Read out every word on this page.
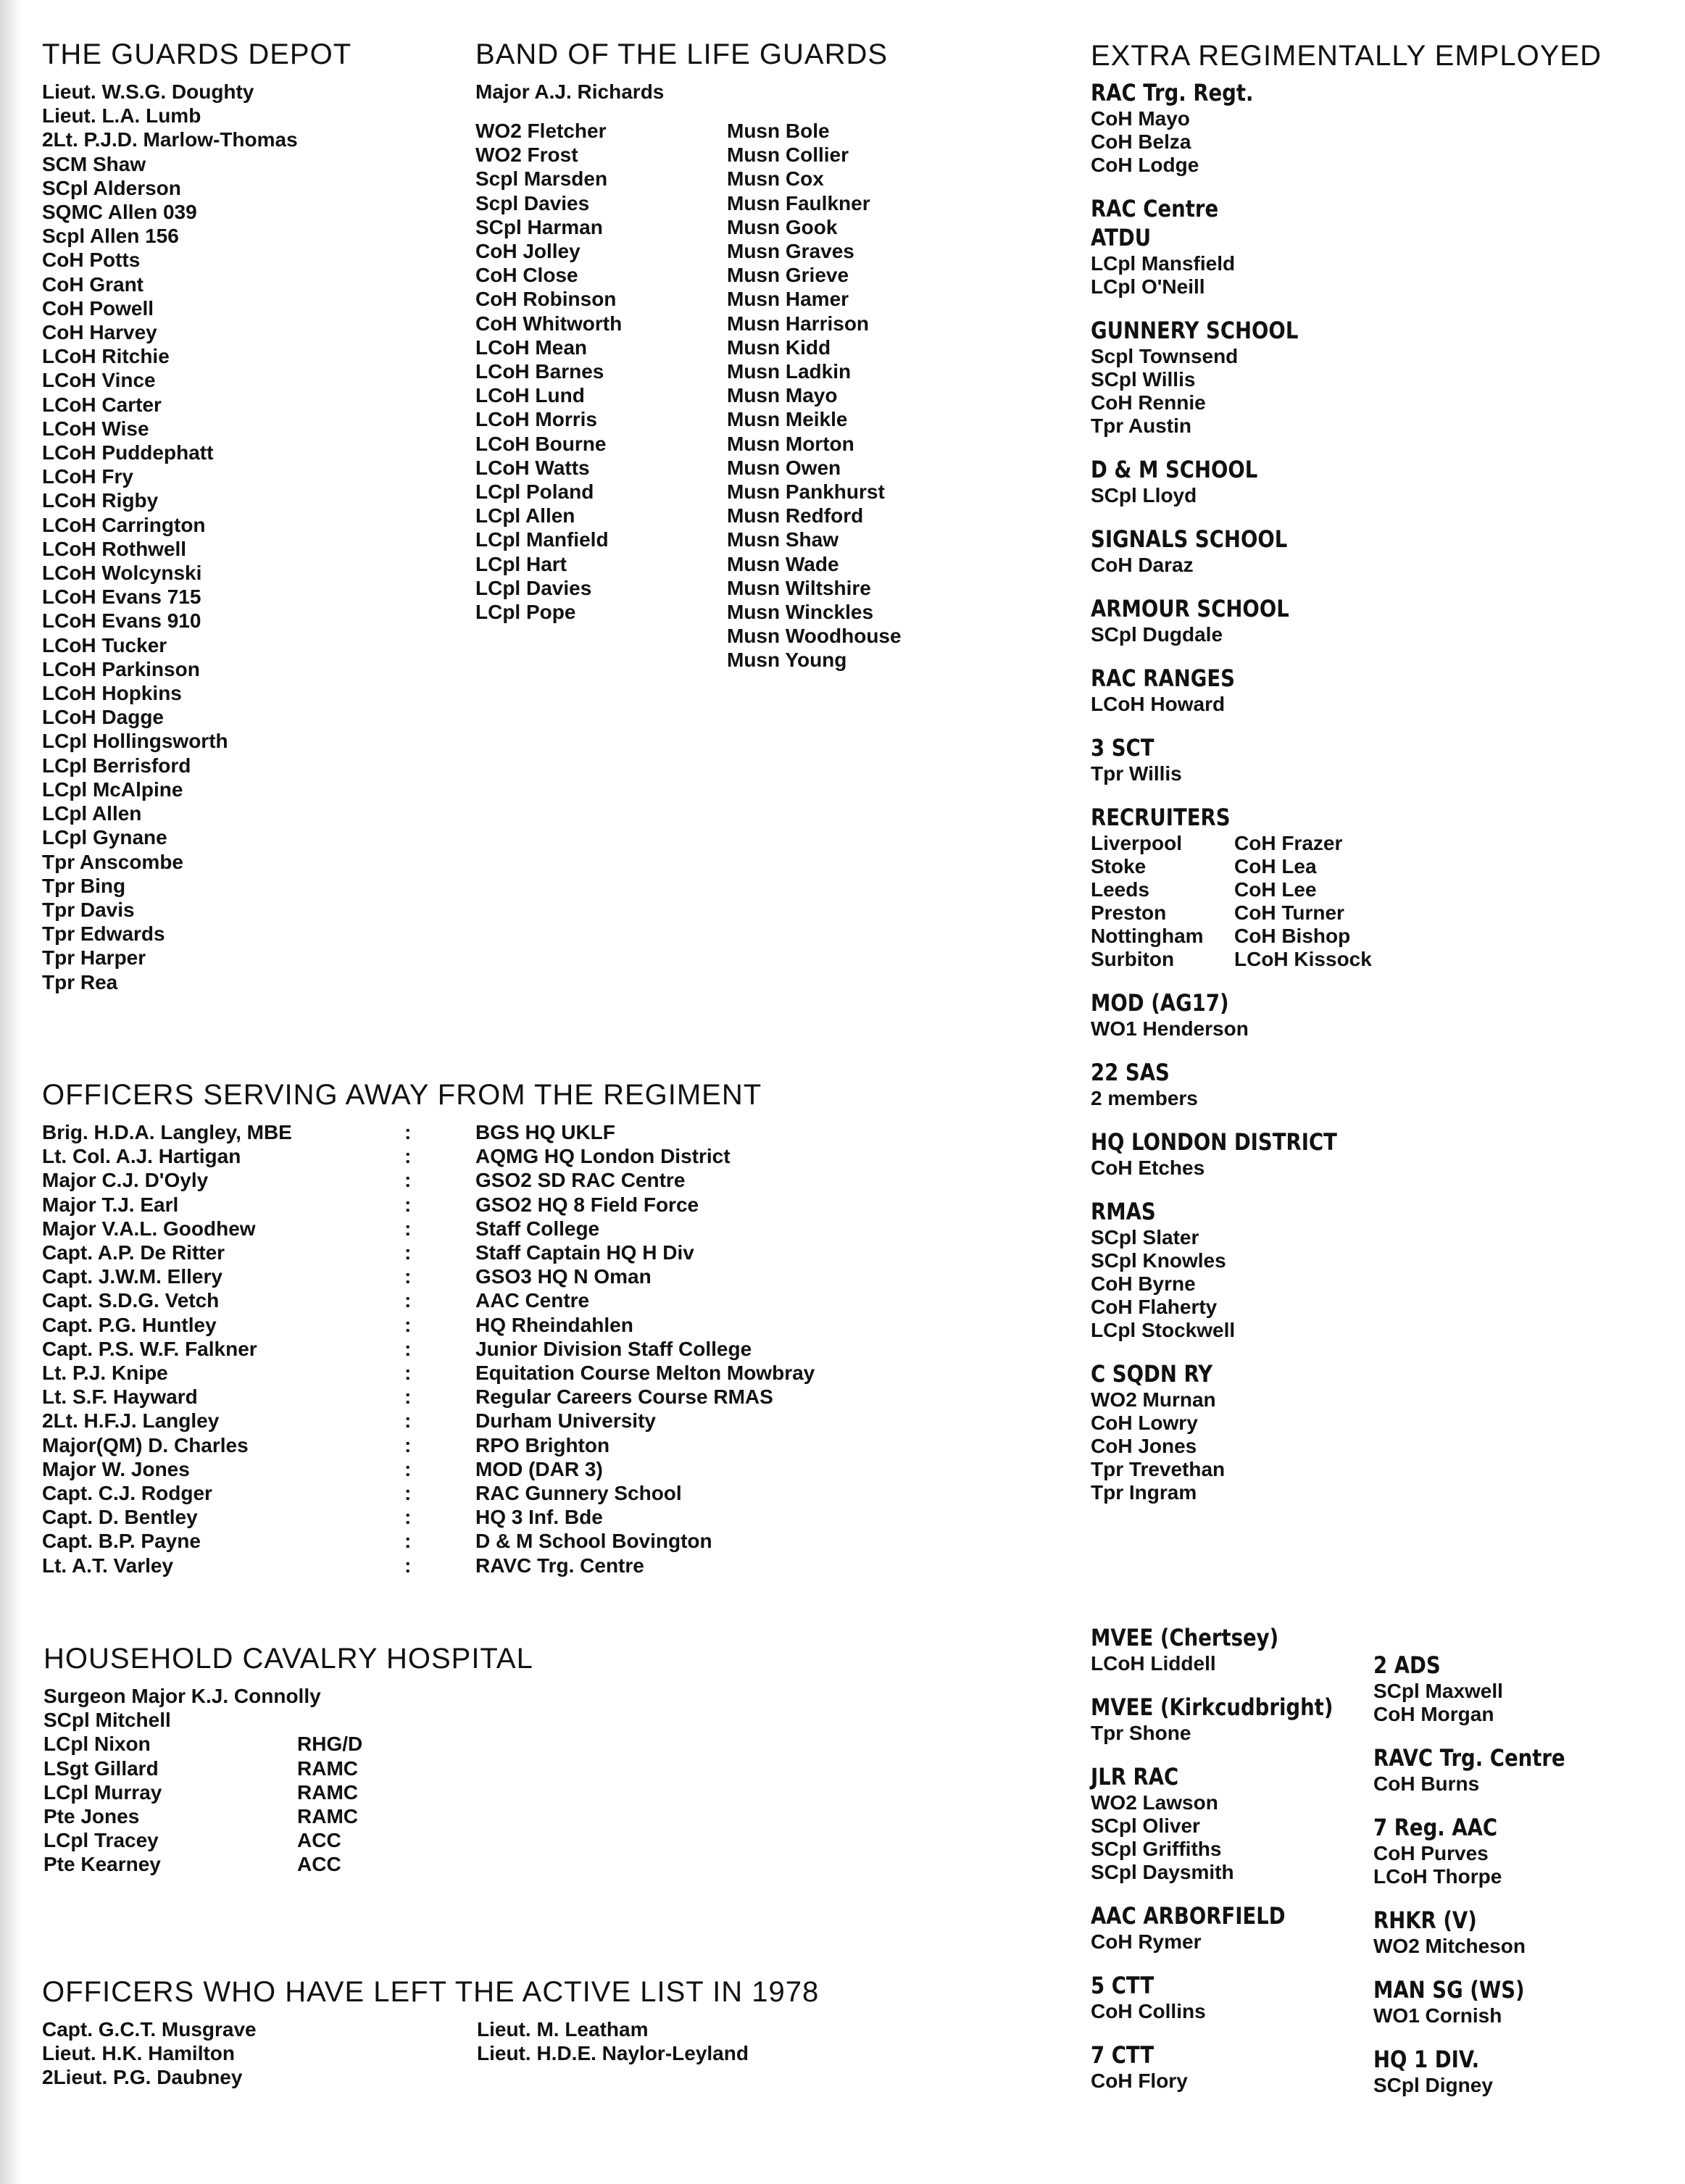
THE GUARDS DEPOT
Lieut. W.S.G. Doughty
Lieut. L.A. Lumb
2Lt. P.J.D. Marlow-Thomas
SCM Shaw
SCpl Alderson
SQMC Allen 039
Scpl Allen 156
CoH Potts
CoH Grant
CoH Powell
CoH Harvey
LCoH Ritchie
LCoH Vince
LCoH Carter
LCoH Wise
LCoH Puddephatt
LCoH Fry
LCoH Rigby
LCoH Carrington
LCoH Rothwell
LCoH Wolcynski
LCoH Evans 715
LCoH Evans 910
LCoH Tucker
LCoH Parkinson
LCoH Hopkins
LCoH Dagge
LCpl Hollingsworth
LCpl Berrisford
LCpl McAlpine
LCpl Allen
LCpl Gynane
Tpr Anscombe
Tpr Bing
Tpr Davis
Tpr Edwards
Tpr Harper
Tpr Rea
BAND OF THE LIFE GUARDS
Major A.J. Richards
WO2 Fletcher
WO2 Frost
Scpl Marsden
Scpl Davies
SCpl Harman
CoH Jolley
CoH Close
CoH Robinson
CoH Whitworth
LCoH Mean
LCoH Barnes
LCoH Lund
LCoH Morris
LCoH Bourne
LCoH Watts
LCpl Poland
LCpl Allen
LCpl Manfield
LCpl Hart
LCpl Davies
LCpl Pope
Musn Bole
Musn Collier
Musn Cox
Musn Faulkner
Musn Gook
Musn Graves
Musn Grieve
Musn Hamer
Musn Harrison
Musn Kidd
Musn Ladkin
Musn Mayo
Musn Meikle
Musn Morton
Musn Owen
Musn Pankhurst
Musn Redford
Musn Shaw
Musn Wade
Musn Wiltshire
Musn Winckles
Musn Woodhouse
Musn Young
OFFICERS SERVING AWAY FROM THE REGIMENT
Brig. H.D.A. Langley, MBE	:	BGS HQ UKLF
Lt. Col. A.J. Hartigan	:	AQMG HQ London District
Major C.J. D'Oyly	:	GSO2 SD RAC Centre
Major T.J. Earl	:	GSO2 HQ 8 Field Force
Major V.A.L. Goodhew	:	Staff College
Capt. A.P. De Ritter	:	Staff Captain HQ H Div
Capt. J.W.M. Ellery	:	GSO3 HQ N Oman
Capt. S.D.G. Vetch	:	AAC Centre
Capt. P.G. Huntley	:	HQ Rheindahlen
Capt. P.S. W.F. Falkner	:	Junior Division Staff College
Lt. P.J. Knipe	:	Equitation Course Melton Mowbray
Lt. S.F. Hayward	:	Regular Careers Course RMAS
2Lt. H.F.J. Langley	:	Durham University
Major(QM) D. Charles	:	RPO Brighton
Major W. Jones	:	MOD (DAR 3)
Capt. C.J. Rodger	:	RAC Gunnery School
Capt. D. Bentley	:	HQ 3 Inf. Bde
Capt. B.P. Payne	:	D & M School Bovington
Lt. A.T. Varley	:	RAVC Trg. Centre
HOUSEHOLD CAVALRY HOSPITAL
Surgeon Major K.J. Connolly
SCpl Mitchell
LCpl Nixon	RHG/D
LSgt Gillard	RAMC
LCpl Murray	RAMC
Pte Jones	RAMC
LCpl Tracey	ACC
Pte Kearney	ACC
OFFICERS WHO HAVE LEFT THE ACTIVE LIST IN 1978
Capt. G.C.T. Musgrave
Lieut. H.K. Hamilton
2Lieut. P.G. Daubney
Lieut. M. Leatham
Lieut. H.D.E. Naylor-Leyland
EXTRA REGIMENTALLY EMPLOYED
RAC Trg. Regt.
CoH Mayo
CoH Belza
CoH Lodge
RAC Centre
ATDU
LCpl Mansfield
LCpl O'Neill
GUNNERY SCHOOL
Scpl Townsend
SCpl Willis
CoH Rennie
Tpr Austin
D & M SCHOOL
SCpl Lloyd
SIGNALS SCHOOL
CoH Daraz
ARMOUR SCHOOL
SCpl Dugdale
RAC RANGES
LCoH Howard
3 SCT
Tpr Willis
RECRUITERS
Liverpool	CoH Frazer
Stoke	CoH Lea
Leeds	CoH Lee
Preston	CoH Turner
Nottingham	CoH Bishop
Surbiton	LCoH Kissock
MOD (AG17)
WO1 Henderson
22 SAS
2 members
HQ LONDON DISTRICT
CoH Etches
RMAS
SCpl Slater
SCpl Knowles
CoH Byrne
CoH Flaherty
LCpl Stockwell
C SQDN RY
WO2 Murnan
CoH Lowry
CoH Jones
Tpr Trevethan
Tpr Ingram
MVEE (Chertsey)
LCoH Liddell
MVEE (Kirkcudbright)
Tpr Shone
JLR RAC
WO2 Lawson
SCpl Oliver
SCpl Griffiths
SCpl Daysmith
AAC ARBORFIELD
CoH Rymer
5 CTT
CoH Collins
7 CTT
CoH Flory
2 ADS
SCpl Maxwell
CoH Morgan
RAVC Trg. Centre
CoH Burns
7 Reg. AAC
CoH Purves
LCoH Thorpe
RHKR (V)
WO2 Mitcheson
MAN SG (WS)
WO1 Cornish
HQ 1 DIV.
SCpl Digney
